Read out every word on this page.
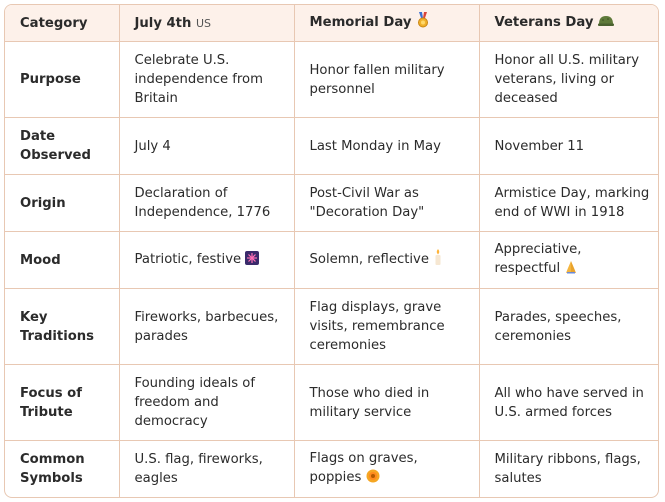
Category	July 4th US	Memorial Day	Veterans Day
Purpose	Celebrate U.S. independence from Britain	Honor fallen military personnel	Honor all U.S. military veterans, living or deceased
Date Observed	July 4	Last Monday in May	November 11
Origin	Declaration of Independence, 1776	Post-Civil War as "Decoration Day"	Armistice Day, marking end of WWI in 1918
Mood	Patriotic, festive	Solemn, reflective	Appreciative, respectful
Key Traditions	Fireworks, barbecues, parades	Flag displays, grave visits, remembrance ceremonies	Parades, speeches, ceremonies
Focus of Tribute	Founding ideals of freedom and democracy	Those who died in military service	All who have served in U.S. armed forces
Common Symbols	U.S. flag, fireworks, eagles	Flags on graves, poppies	Military ribbons, flags, salutes
